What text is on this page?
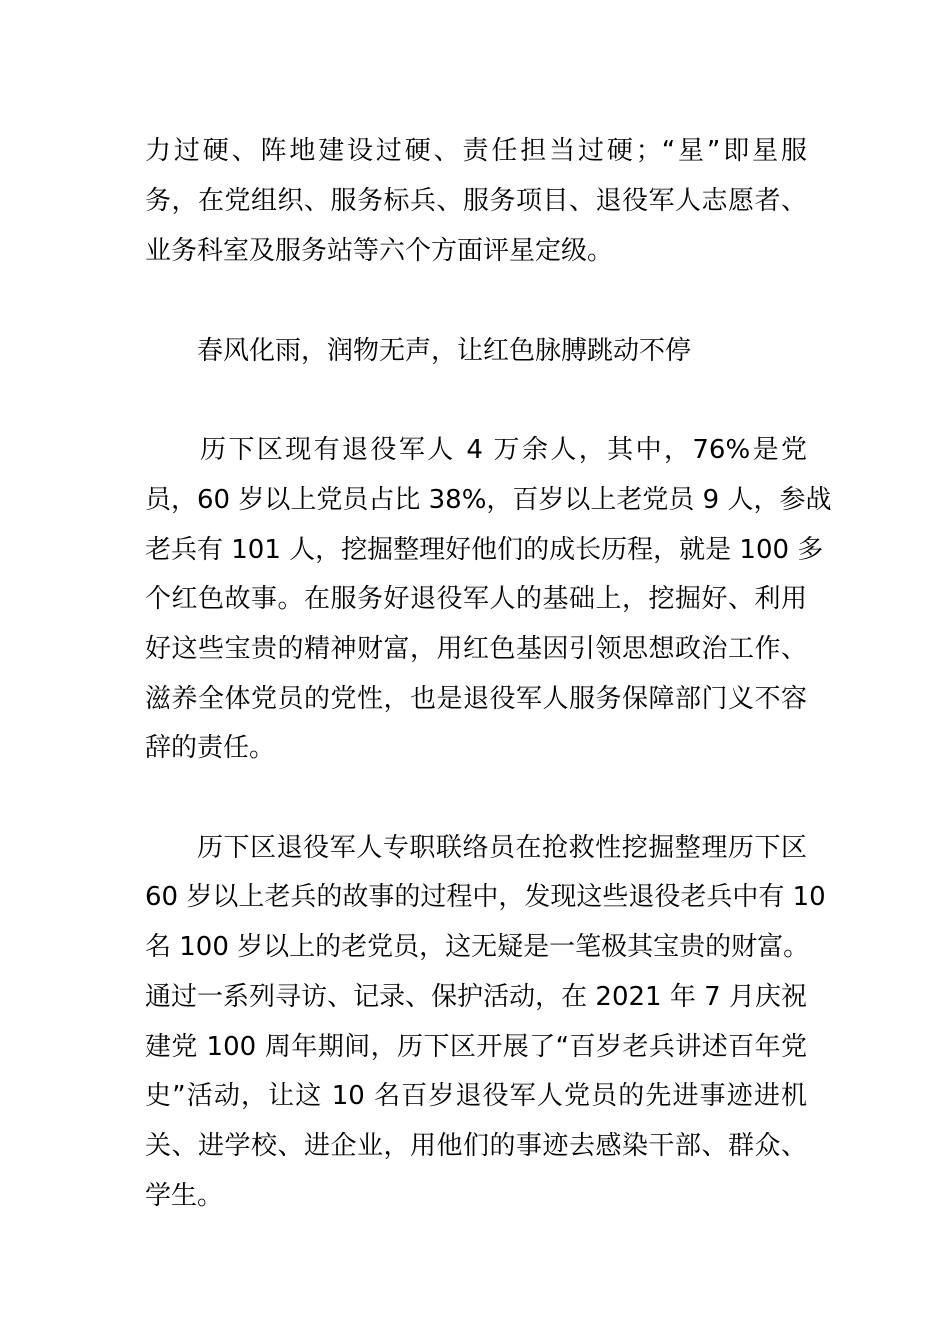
力过硬、阵地建设过硬、责任担当过硬；“星”即星服
务，在党组织、服务标兵、服务项目、退役军人志愿者、
业务科室及服务站等六个方面评星定级。
春风化雨，润物无声，让红色脉膊跳动不停
历下区现有退役军人 4 万余人，其中，76%是党
员，60 岁以上党员占比 38%，百岁以上老党员 9 人，参战
老兵有 101 人，挖掘整理好他们的成长历程，就是 100 多
个红色故事。在服务好退役军人的基础上，挖掘好、利用
好这些宝贵的精神财富，用红色基因引领思想政治工作、
滋养全体党员的党性，也是退役军人服务保障部门义不容
辞的责任。
历下区退役军人专职联络员在抢救性挖掘整理历下区
60 岁以上老兵的故事的过程中，发现这些退役老兵中有 10
名 100 岁以上的老党员，这无疑是一笔极其宝贵的财富。
通过一系列寻访、记录、保护活动，在 2021 年 7 月庆祝
建党 100 周年期间，历下区开展了“百岁老兵讲述百年党
史”活动，让这 10 名百岁退役军人党员的先进事迹进机
关、进学校、进企业，用他们的事迹去感染干部、群众、
学生。
